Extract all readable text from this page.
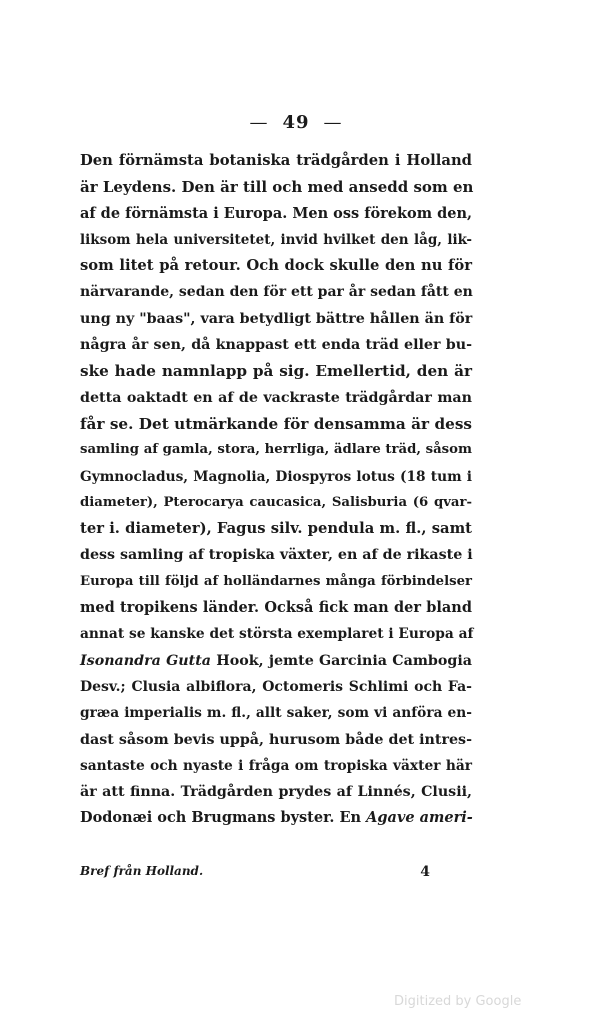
— 49 —
Den förnämsta botaniska trädgården i Holland
är Leydens. Den är till och med ansedd som en
af de förnämsta i Europa. Men oss förekom den,
liksom hela universitetet, invid hvilket den låg, lik-
som litet på retour. Och dock skulle den nu för
närvarande, sedan den för ett par år sedan fått en
ung ny "baas", vara betydligt bättre hållen än för
några år sen, då knappast ett enda träd eller bu-
ske hade namnlapp på sig. Emellertid, den är
detta oaktadt en af de vackraste trädgårdar man
får se. Det utmärkande för densamma är dess
samling af gamla, stora, herrliga, ädlare träd, såsom
Gymnocladus, Magnolia, Diospyros lotus (18 tum i
diameter), Pterocarya caucasica, Salisburia (6 qvar-
ter i. diameter), Fagus silv. pendula m. fl., samt
dess samling af tropiska växter, en af de rikaste i
Europa till följd af holländarnes många förbindelser
med tropikens länder. Också fick man der bland
annat se kanske det största exemplaret i Europa af
Isonandra Gutta Hook, jemte Garcinia Cambogia
Desv.; Clusia albiflora, Octomeris Schlimi och Fa-
græa imperialis m. fl., allt saker, som vi anföra en-
dast såsom bevis uppå, hurusom både det intres-
santaste och nyaste i fråga om tropiska växter här
är att finna. Trädgården prydes af Linnés, Clusii,
Dodonæi och Brugmans byster. En Agave ameri-
Bref från Holland.	4
Digitized by Google
